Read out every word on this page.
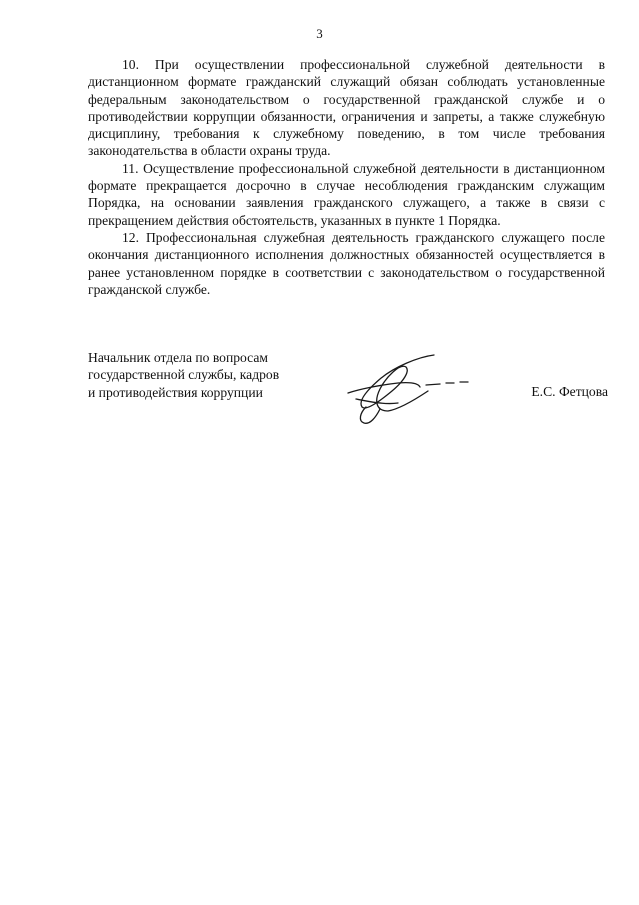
3

10. При осуществлении профессиональной служебной деятельности в дистанционном формате гражданский служащий обязан соблюдать установленные федеральным законодательством о государственной гражданской службе и о противодействии коррупции обязанности, ограничения и запреты, а также служебную дисциплину, требования к служебному поведению, в том числе требования законодательства в области охраны труда.

11. Осуществление профессиональной служебной деятельности в дистанционном формате прекращается досрочно в случае несоблюдения гражданским служащим Порядка, на основании заявления гражданского служащего, а также в связи с прекращением действия обстоятельств, указанных в пункте 1 Порядка.

12. Профессиональная служебная деятельность гражданского служащего после окончания дистанционного исполнения должностных обязанностей осуществляется в ранее установленном порядке в соответствии с законодательством о государственной гражданской службе.

Начальник отдела по вопросам
государственной службы, кадров
и противодействия коррупции	Е.С. Фетцова
